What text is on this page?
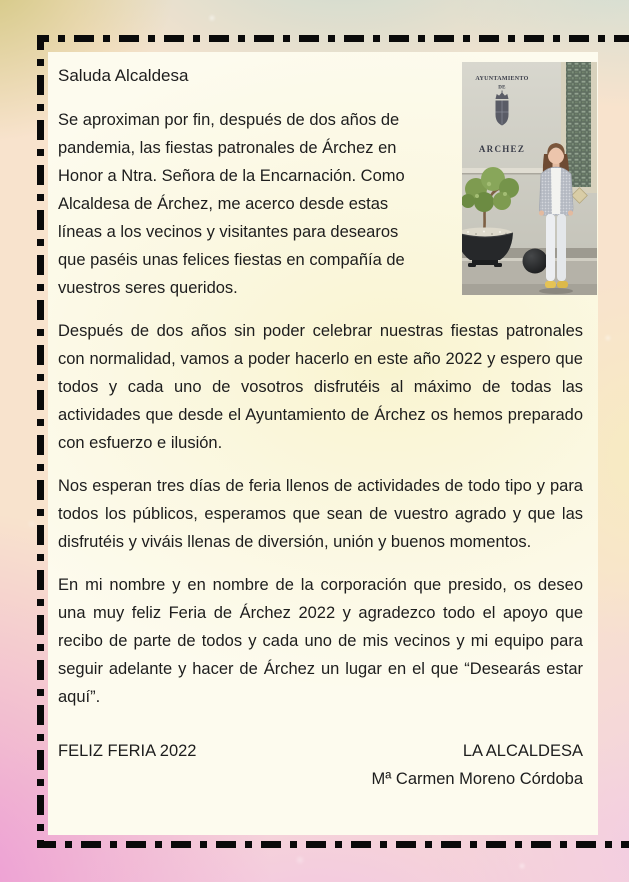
AYUNTAMIENTO
DE
ARCHEZ
Saluda Alcaldesa

Se aproximan por fin, después de dos años de pandemia, las fiestas patronales de Árchez en Honor a Ntra. Señora de la Encarnación. Como Alcaldesa de Árchez, me acerco desde estas líneas a los vecinos y visitantes para desearos que paséis unas felices fiestas en compañía de vuestros seres queridos.

Después de dos años sin poder celebrar nuestras fiestas patronales con normalidad, vamos a poder hacerlo en este año 2022 y espero que todos y cada uno de vosotros disfrutéis al máximo de todas las actividades que desde el Ayuntamiento de Árchez os hemos preparado con esfuerzo e ilusión.

Nos esperan tres días de feria llenos de actividades de todo tipo y para todos los públicos, esperamos que sean de vuestro agrado y que las disfrutéis y viváis llenas de diversión, unión y buenos momentos.

En mi nombre y en nombre de la corporación que presido, os deseo una muy feliz Feria de Árchez 2022 y agradezco todo el apoyo que recibo de parte de todos y cada uno de mis vecinos y mi equipo para seguir adelante y hacer de Árchez un lugar en el que “Desearás estar aquí”.

FELIZ FERIA 2022	LA ALCALDESA
Mª Carmen Moreno Córdoba
